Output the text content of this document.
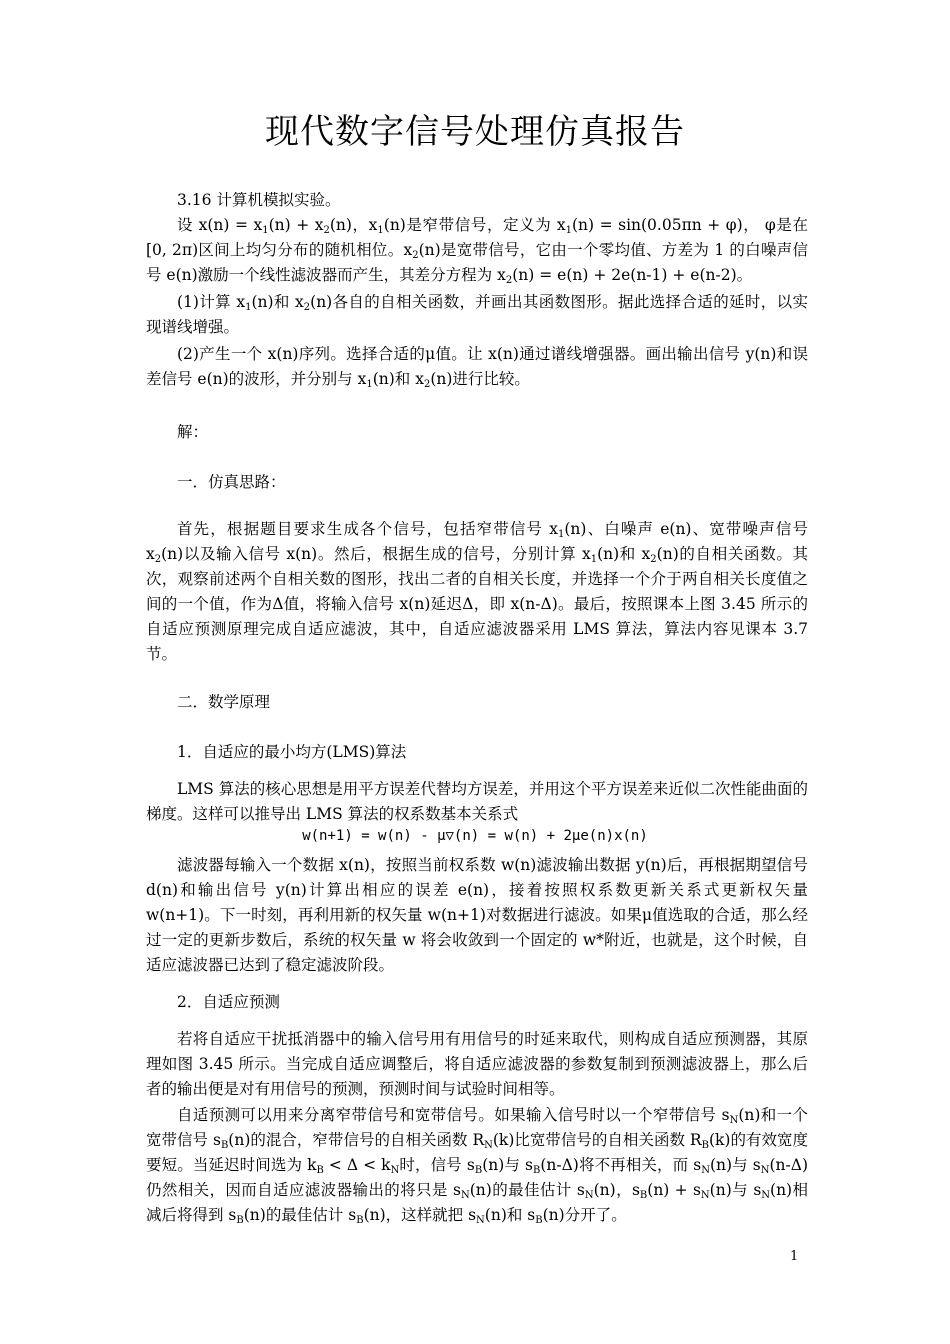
现代数字信号处理仿真报告
3.16 计算机模拟实验。
设 $x(n) = x_1(n) + x_2(n)$，$x_1(n)$是窄带信号，定义为 $x_1(n) = \sin(0.05\pi n + \varphi)$， φ是在[0, 2π)区间上均匀分布的随机相位。$x_2(n)$是宽带信号，它由一个零均值、方差为 1 的白噪声信号 e(n)激励一个线性滤波器而产生，其差分方程为 $x_2(n) = e(n) + 2e(n-1) + e(n-2)$。
(1)计算 $x_1(n)$和 $x_2(n)$各自的自相关函数，并画出其函数图形。据此选择合适的延时，以实现谱线增强。
(2)产生一个 x(n)序列。选择合适的μ值。让 x(n)通过谱线增强器。画出输出信号 y(n)和误差信号 e(n)的波形，并分别与 $x_1(n)$和 $x_2(n)$进行比较。
解：
一．仿真思路：
首先，根据题目要求生成各个信号，包括窄带信号 $x_1(n)$、白噪声 e(n)、宽带噪声信号 $x_2(n)$以及输入信号 x(n)。然后，根据生成的信号，分别计算 $x_1(n)$和 $x_2(n)$的自相关函数。其次，观察前述两个自相关数的图形，找出二者的自相关长度，并选择一个介于两自相关长度值之间的一个值，作为Δ值，将输入信号 x(n)延迟Δ，即 x(n-Δ)。最后，按照课本上图 3.45 所示的自适应预测原理完成自适应滤波，其中，自适应滤波器采用 LMS 算法，算法内容见课本 3.7 节。
二．数学原理
1．自适应的最小均方(LMS)算法
LMS 算法的核心思想是用平方误差代替均方误差，并用这个平方误差来近似二次性能曲面的梯度。这样可以推导出 LMS 算法的权系数基本关系式
w(n+1) = w(n) - μ▽(n) = w(n) + 2μe(n)x(n)
滤波器每输入一个数据 x(n)，按照当前权系数 w(n)滤波输出数据 y(n)后，再根据期望信号 d(n)和输出信号 y(n)计算出相应的误差 e(n)，接着按照权系数更新关系式更新权矢量 w(n+1)。下一时刻，再利用新的权矢量 w(n+1)对数据进行滤波。如果μ值选取的合适，那么经过一定的更新步数后，系统的权矢量 w 将会收敛到一个固定的 w*附近，也就是，这个时候，自适应滤波器已达到了稳定滤波阶段。
2．自适应预测
若将自适应干扰抵消器中的输入信号用有用信号的时延来取代，则构成自适应预测器，其原理如图 3.45 所示。当完成自适应调整后，将自适应滤波器的参数复制到预测滤波器上，那么后者的输出便是对有用信号的预测，预测时间与试验时间相等。
自适预测可以用来分离窄带信号和宽带信号。如果输入信号时以一个窄带信号 $s_N(n)$和一个宽带信号 $s_B(n)$的混合，窄带信号的自相关函数 $R_N(k)$比宽带信号的自相关函数 $R_B(k)$的有效宽度要短。当延迟时间选为 $k_B < \Delta < k_N$时，信号 $s_B(n)$与 $s_B(n-\Delta)$将不再相关，而 $s_N(n)$与 $s_N(n-\Delta)$仍然相关，因而自适应滤波器输出的将只是 $s_N(n)$的最佳估计 $s_N(n)$，$s_B(n) + s_N(n)$与 $s_N(n)$相减后将得到 $s_B(n)$的最佳估计 $s_B(n)$，这样就把 $s_N(n)$和 $s_B(n)$分开了。
1
